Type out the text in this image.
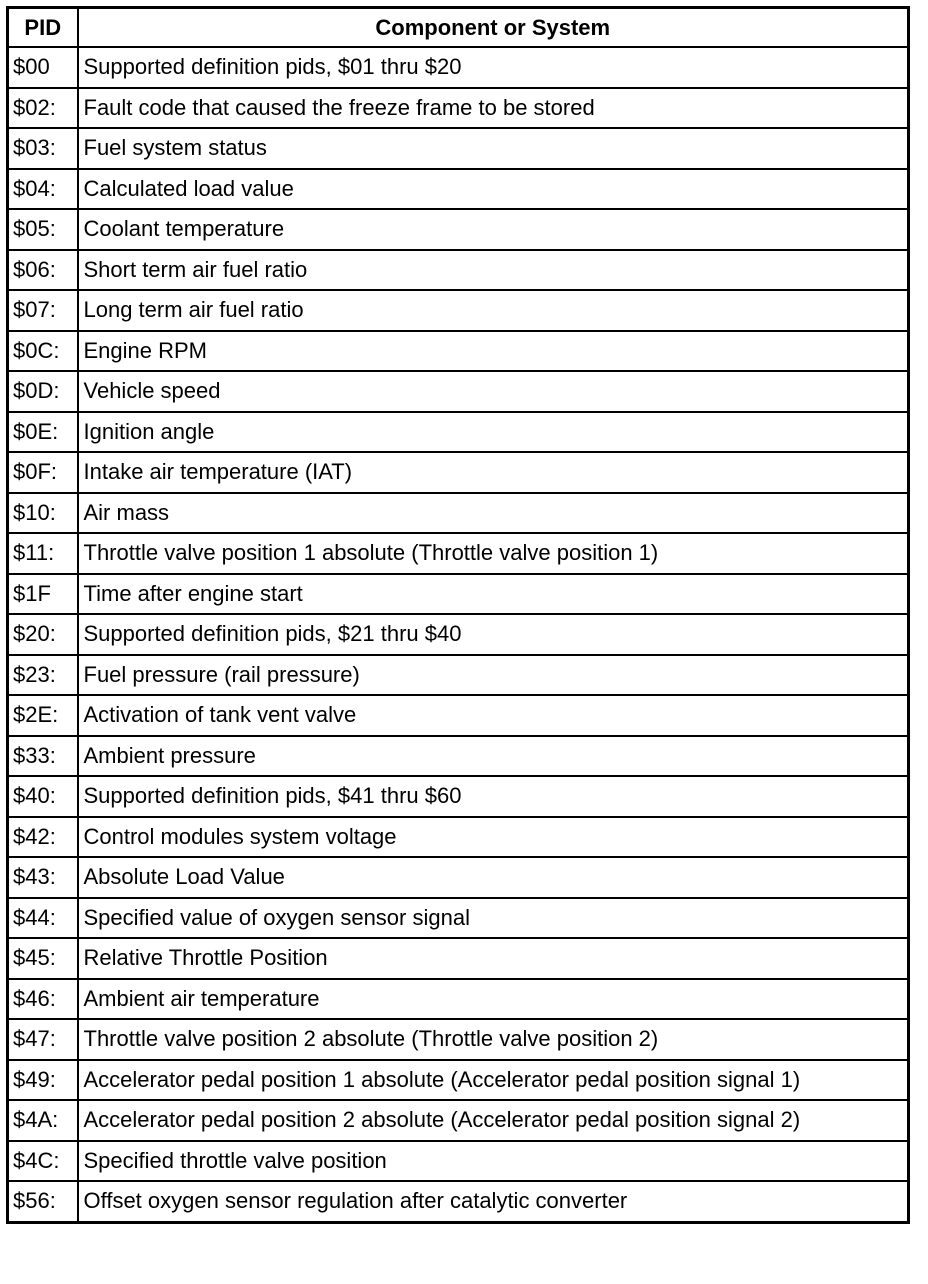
PID	Component or System
$00	Supported definition pids, $01 thru $20
$02:	Fault code that caused the freeze frame to be stored
$03:	Fuel system status
$04:	Calculated load value
$05:	Coolant temperature
$06:	Short term air fuel ratio
$07:	Long term air fuel ratio
$0C:	Engine RPM
$0D:	Vehicle speed
$0E:	Ignition angle
$0F:	Intake air temperature (IAT)
$10:	Air mass
$11:	Throttle valve position 1 absolute (Throttle valve position 1)
$1F	Time after engine start
$20:	Supported definition pids, $21 thru $40
$23:	Fuel pressure (rail pressure)
$2E:	Activation of tank vent valve
$33:	Ambient pressure
$40:	Supported definition pids, $41 thru $60
$42:	Control modules system voltage
$43:	Absolute Load Value
$44:	Specified value of oxygen sensor signal
$45:	Relative Throttle Position
$46:	Ambient air temperature
$47:	Throttle valve position 2 absolute (Throttle valve position 2)
$49:	Accelerator pedal position 1 absolute (Accelerator pedal position signal 1)
$4A:	Accelerator pedal position 2 absolute (Accelerator pedal position signal 2)
$4C:	Specified throttle valve position
$56:	Offset oxygen sensor regulation after catalytic converter
